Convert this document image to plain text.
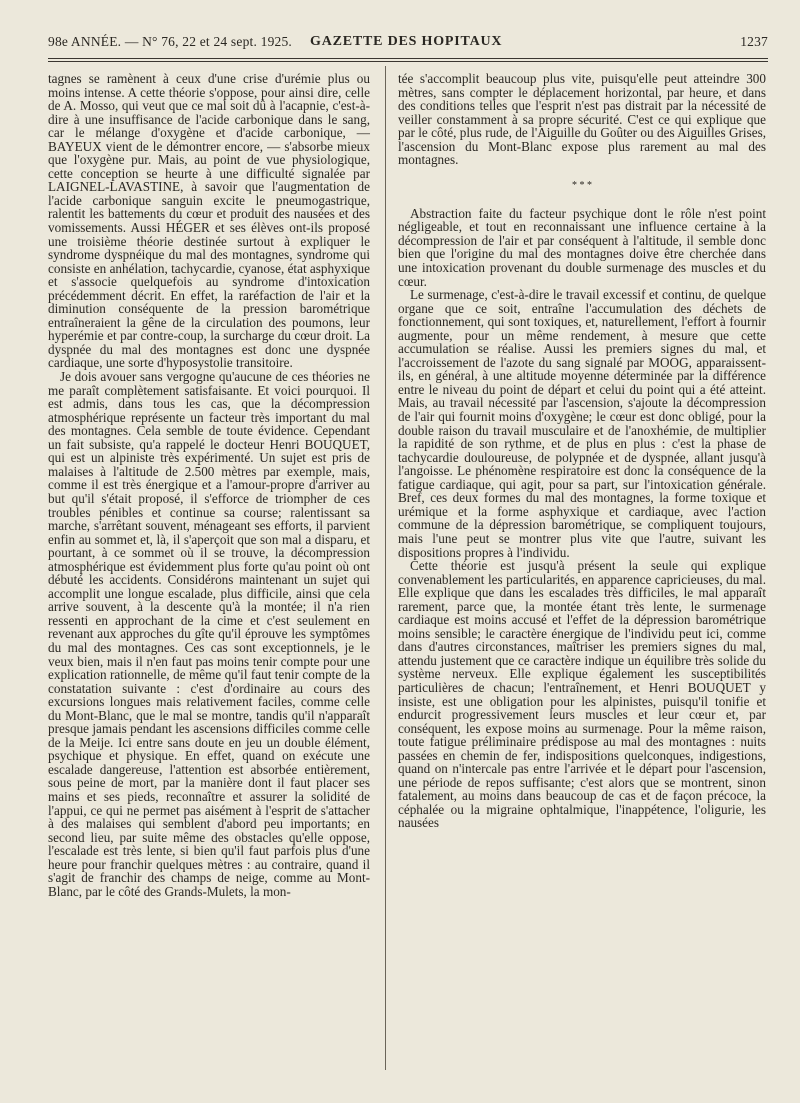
98e ANNÉE. — N° 76, 22 et 24 sept. 1925. GAZETTE DES HOPITAUX	1237

tagnes se ramènent à ceux d'une crise d'urémie plus ou moins intense. A cette théorie s'oppose, pour ainsi dire, celle de A. Mosso, qui veut que ce mal soit dû à l'acapnie, c'est-à-dire à une insuffisance de l'acide carbonique dans le sang, car le mélange d'oxygène et d'acide carbonique, — BAYEUX vient de le démontrer encore, — s'absorbe mieux que l'oxygène pur. Mais, au point de vue physiologique, cette conception se heurte à une difficulté signalée par LAIGNEL-LAVASTINE, à savoir que l'augmentation de l'acide carbonique sanguin excite le pneumogastrique, ralentit les battements du cœur et produit des nausées et des vomissements. Aussi HÉGER et ses élèves ont-ils proposé une troisième théorie destinée surtout à expliquer le syndrome dyspnéique du mal des montagnes, syndrome qui consiste en anhélation, tachycardie, cyanose, état asphyxique et s'associe quelquefois au syndrome d'intoxication précédemment décrit. En effet, la raréfaction de l'air et la diminution conséquente de la pression barométrique entraîneraient la gêne de la circulation des poumons, leur hyperémie et par contre-coup, la surcharge du cœur droit. La dyspnée du mal des montagnes est donc une dyspnée cardiaque, une sorte d'hyposystolie transitoire.

Je dois avouer sans vergogne qu'aucune de ces théories ne me paraît complètement satisfaisante. Et voici pourquoi. Il est admis, dans tous les cas, que la décompression atmosphérique représente un facteur très important du mal des montagnes. Cela semble de toute évidence. Cependant un fait subsiste, qu'a rappelé le docteur Henri BOUQUET, qui est un alpiniste très expérimenté. Un sujet est pris de malaises à l'altitude de 2.500 mètres par exemple, mais, comme il est très énergique et a l'amour-propre d'arriver au but qu'il s'était proposé, il s'efforce de triompher de ces troubles pénibles et continue sa course; ralentissant sa marche, s'arrêtant souvent, ménageant ses efforts, il parvient enfin au sommet et, là, il s'aperçoit que son mal a disparu, et pourtant, à ce sommet où il se trouve, la décompression atmosphérique est évidemment plus forte qu'au point où ont débuté les accidents. Considérons maintenant un sujet qui accomplit une longue escalade, plus difficile, ainsi que cela arrive souvent, à la descente qu'à la montée; il n'a rien ressenti en approchant de la cime et c'est seulement en revenant aux approches du gîte qu'il éprouve les symptômes du mal des montagnes. Ces cas sont exceptionnels, je le veux bien, mais il n'en faut pas moins tenir compte pour une explication rationnelle, de même qu'il faut tenir compte de la constatation suivante : c'est d'ordinaire au cours des excursions longues mais relativement faciles, comme celle du Mont-Blanc, que le mal se montre, tandis qu'il n'apparaît presque jamais pendant les ascensions difficiles comme celle de la Meije. Ici entre sans doute en jeu un double élément, psychique et physique. En effet, quand on exécute une escalade dangereuse, l'attention est absorbée entièrement, sous peine de mort, par la manière dont il faut placer ses mains et ses pieds, reconnaître et assurer la solidité de l'appui, ce qui ne permet pas aisément à l'esprit de s'attacher à des malaises qui semblent d'abord peu importants; en second lieu, par suite même des obstacles qu'elle oppose, l'escalade est très lente, si bien qu'il faut parfois plus d'une heure pour franchir quelques mètres : au contraire, quand il s'agit de franchir des champs de neige, comme au Mont-Blanc, par le côté des Grands-Mulets, la mon-

tée s'accomplit beaucoup plus vite, puisqu'elle peut atteindre 300 mètres, sans compter le déplacement horizontal, par heure, et dans des conditions telles que l'esprit n'est pas distrait par la nécessité de veiller constamment à sa propre sécurité. C'est ce qui explique que par le côté, plus rude, de l'Aiguille du Goûter ou des Aiguilles Grises, l'ascension du Mont-Blanc expose plus rarement au mal des montagnes.

* * *

Abstraction faite du facteur psychique dont le rôle n'est point négligeable, et tout en reconnaissant une influence certaine à la décompression de l'air et par conséquent à l'altitude, il semble donc bien que l'origine du mal des montagnes doive être cherchée dans une intoxication provenant du double surmenage des muscles et du cœur.

Le surmenage, c'est-à-dire le travail excessif et continu, de quelque organe que ce soit, entraîne l'accumulation des déchets de fonctionnement, qui sont toxiques, et, naturellement, l'effort à fournir augmente, pour un même rendement, à mesure que cette accumulation se réalise. Aussi les premiers signes du mal, et l'accroissement de l'azote du sang signalé par MOOG, apparaissent-ils, en général, à une altitude moyenne déterminée par la différence entre le niveau du point de départ et celui du point qui a été atteint. Mais, au travail nécessité par l'ascension, s'ajoute la décompression de l'air qui fournit moins d'oxygène; le cœur est donc obligé, pour la double raison du travail musculaire et de l'anoxhémie, de multiplier la rapidité de son rythme, et de plus en plus : c'est la phase de tachycardie douloureuse, de polypnée et de dyspnée, allant jusqu'à l'angoisse. Le phénomène respiratoire est donc la conséquence de la fatigue cardiaque, qui agit, pour sa part, sur l'intoxication générale. Bref, ces deux formes du mal des montagnes, la forme toxique et urémique et la forme asphyxique et cardiaque, avec l'action commune de la dépression barométrique, se compliquent toujours, mais l'une peut se montrer plus vite que l'autre, suivant les dispositions propres à l'individu.

Cette théorie est jusqu'à présent la seule qui explique convenablement les particularités, en apparence capricieuses, du mal. Elle explique que dans les escalades très difficiles, le mal apparaît rarement, parce que, la montée étant très lente, le surmenage cardiaque est moins accusé et l'effet de la dépression barométrique moins sensible; le caractère énergique de l'individu peut ici, comme dans d'autres circonstances, maîtriser les premiers signes du mal, attendu justement que ce caractère indique un équilibre très solide du système nerveux. Elle explique également les susceptibilités particulières de chacun; l'entraînement, et Henri BOUQUET y insiste, est une obligation pour les alpinistes, puisqu'il tonifie et endurcit progressivement leurs muscles et leur cœur et, par conséquent, les expose moins au surmenage. Pour la même raison, toute fatigue préliminaire prédispose au mal des montagnes : nuits passées en chemin de fer, indispositions quelconques, indigestions, quand on n'intercale pas entre l'arrivée et le départ pour l'ascension, une période de repos suffisante; c'est alors que se montrent, sinon fatalement, au moins dans beaucoup de cas et de façon précoce, la céphalée ou la migraine ophtalmique, l'inappétence, l'oligurie, les nausées
